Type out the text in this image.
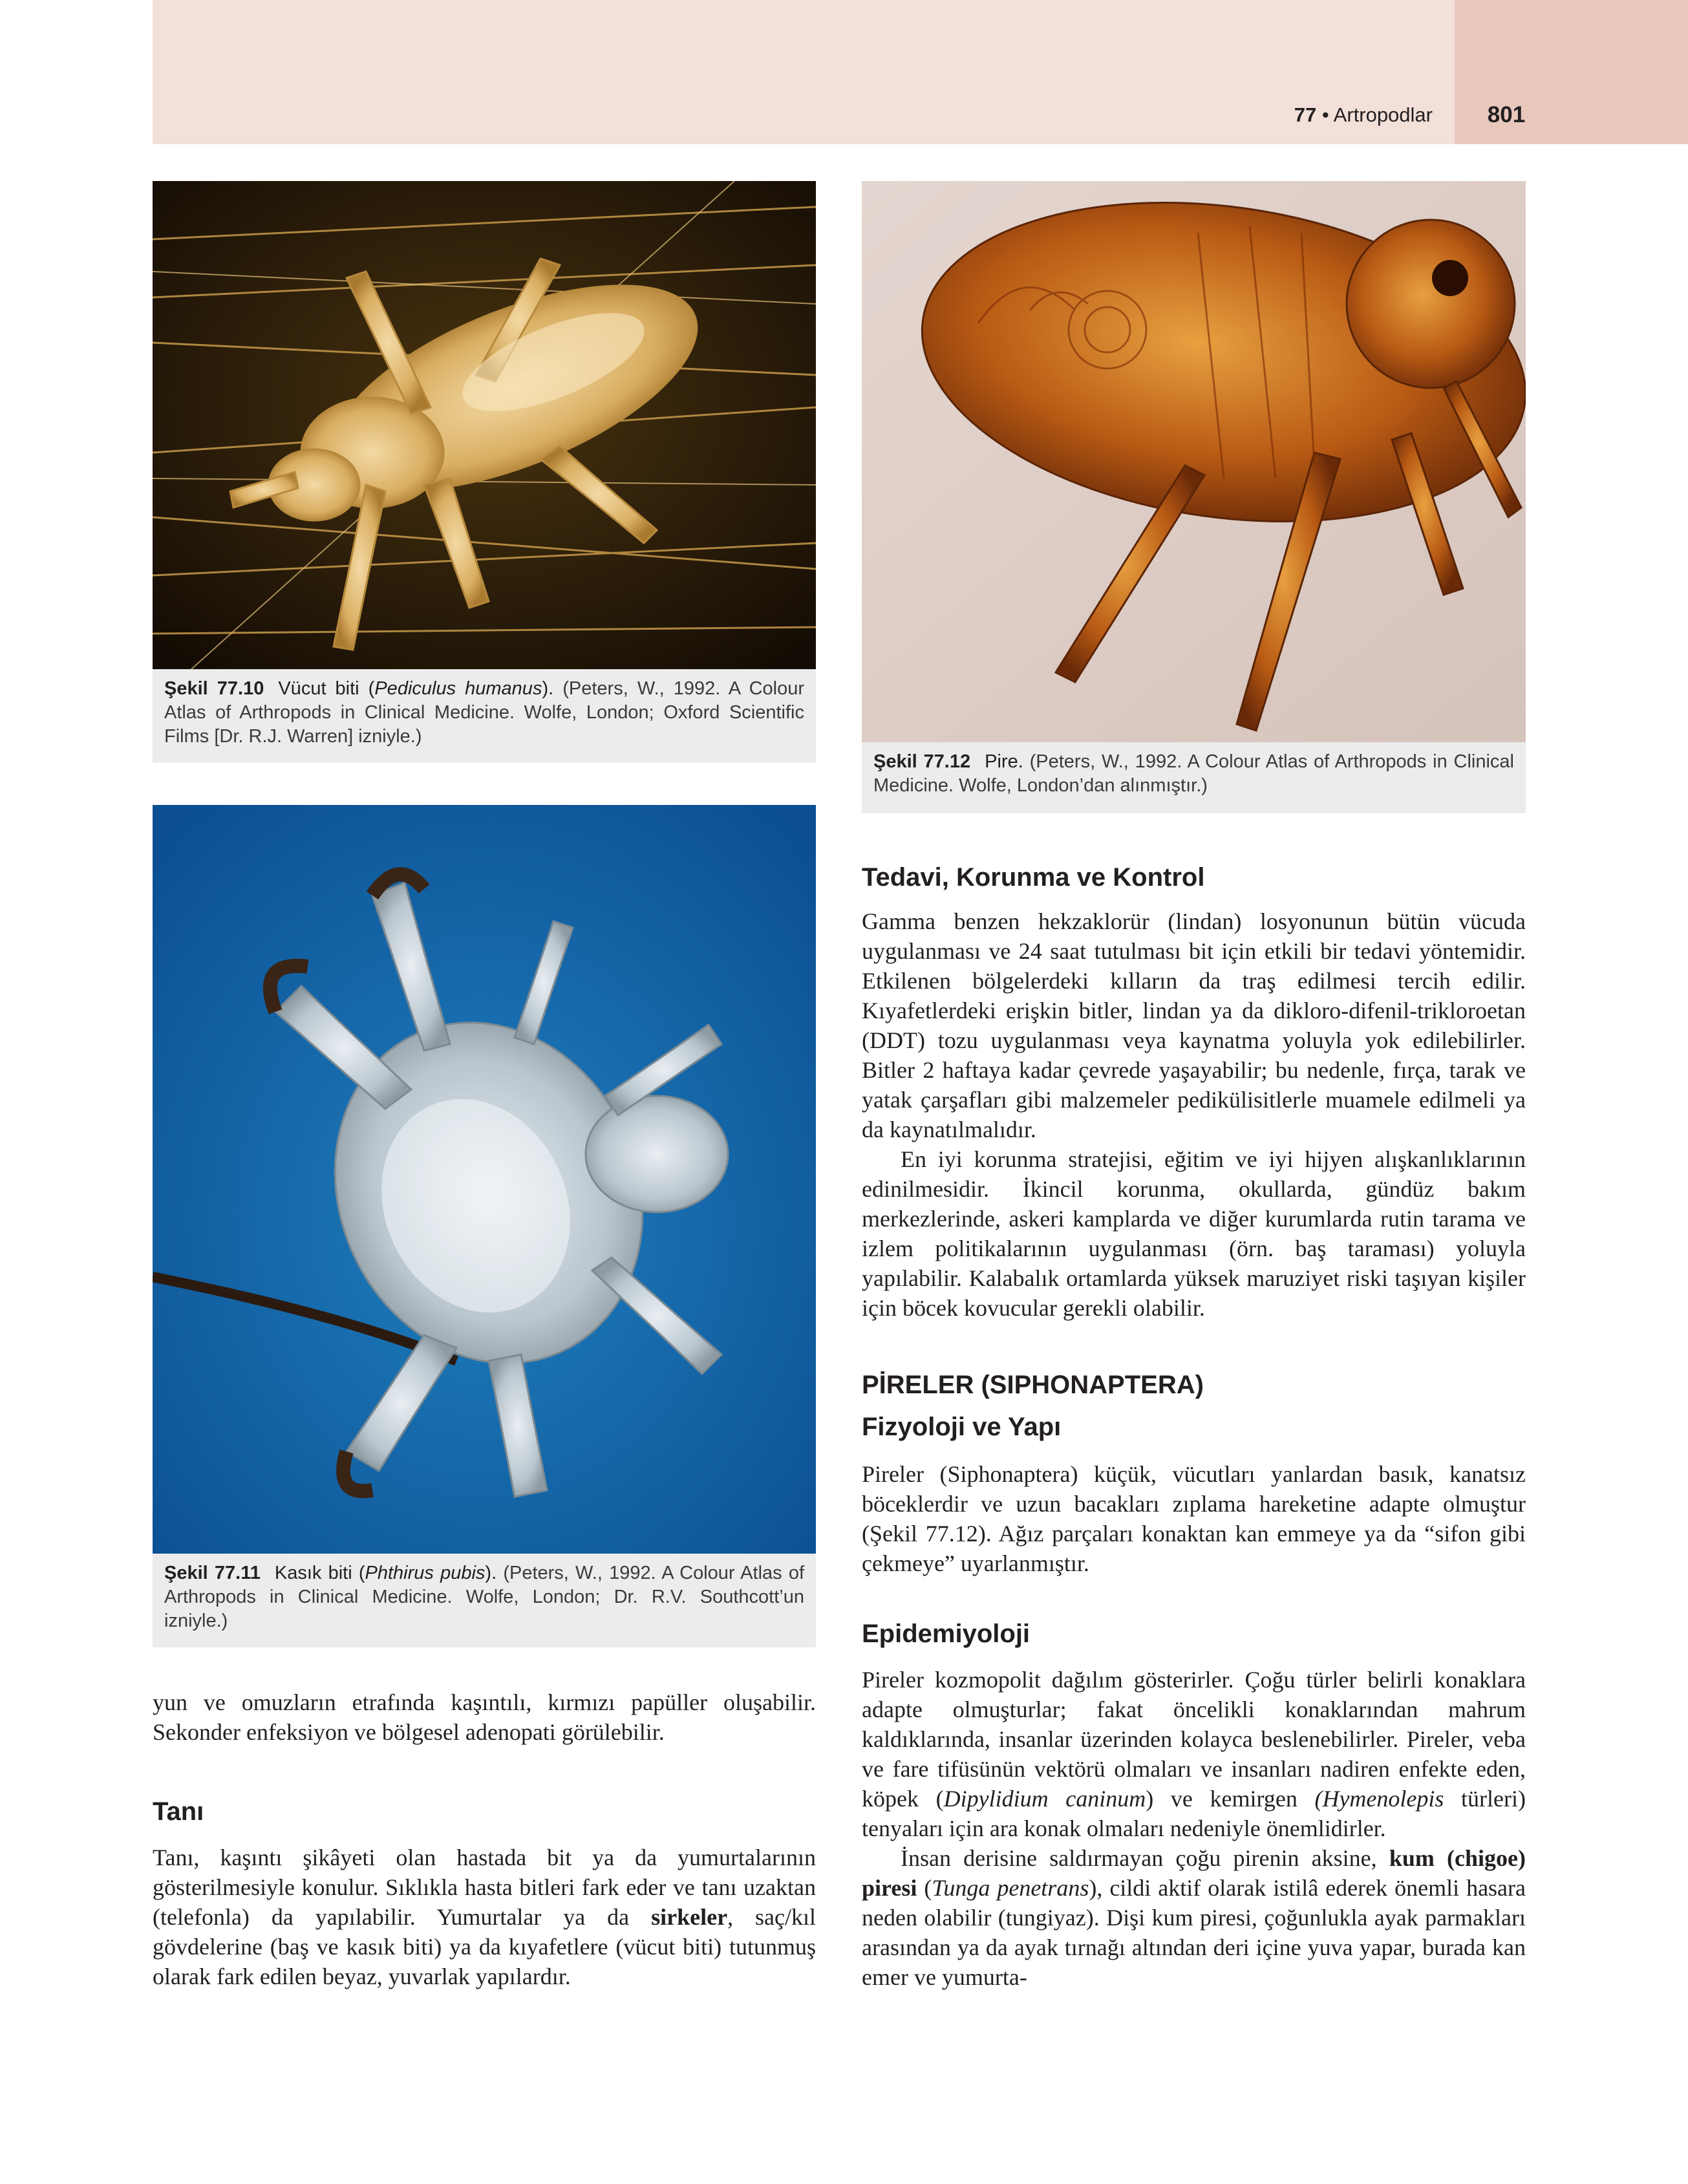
77 • Artropodlar	801
Şekil 77.10 Vücut biti (Pediculus humanus). (Peters, W., 1992. A Colour Atlas of Arthropods in Clinical Medicine. Wolfe, London; Oxford Scientific Films [Dr. R.J. Warren] izniyle.)
Şekil 77.11 Kasık biti (Phthirus pubis). (Peters, W., 1992. A Colour Atlas of Arthropods in Clinical Medicine. Wolfe, London; Dr. R.V. Southcott’un izniyle.)
Şekil 77.12 Pire. (Peters, W., 1992. A Colour Atlas of Arthropods in Clinical Medicine. Wolfe, London’dan alınmıştır.)

yun ve omuzların etrafında kaşıntılı, kırmızı papüller oluşabilir. Sekonder enfeksiyon ve bölgesel adenopati görülebilir.

Tanı

Tanı, kaşıntı şikâyeti olan hastada bit ya da yumurtalarının gösterilmesiyle konulur. Sıklıkla hasta bitleri fark eder ve tanı uzaktan (telefonla) da yapılabilir. Yumurtalar ya da sirkeler, saç/kıl gövdelerine (baş ve kasık biti) ya da kıyafetlere (vücut biti) tutunmuş olarak fark edilen beyaz, yuvarlak yapılardır.

Tedavi, Korunma ve Kontrol

Gamma benzen hekzaklorür (lindan) losyonunun bütün vücuda uygulanması ve 24 saat tutulması bit için etkili bir tedavi yöntemidir. Etkilenen bölgelerdeki kılların da traş edilmesi tercih edilir. Kıyafetlerdeki erişkin bitler, lindan ya da dikloro-difenil-trikloroetan (DDT) tozu uygulanması veya kaynatma yoluyla yok edilebilirler. Bitler 2 haftaya kadar çevrede yaşayabilir; bu nedenle, fırça, tarak ve yatak çarşafları gibi malzemeler pedikülisitlerle muamele edilmeli ya da kaynatılmalıdır.

En iyi korunma stratejisi, eğitim ve iyi hijyen alışkanlıklarının edinilmesidir. İkincil korunma, okullarda, gündüz bakım merkezlerinde, askeri kamplarda ve diğer kurumlarda rutin tarama ve izlem politikalarının uygulanması (örn. baş taraması) yoluyla yapılabilir. Kalabalık ortamlarda yüksek maruziyet riski taşıyan kişiler için böcek kovucular gerekli olabilir.

PİRELER (SIPHONAPTERA)
Fizyoloji ve Yapı

Pireler (Siphonaptera) küçük, vücutları yanlardan basık, kanatsız böceklerdir ve uzun bacakları zıplama hareketine adapte olmuştur (Şekil 77.12). Ağız parçaları konaktan kan emmeye ya da “sifon gibi çekmeye” uyarlanmıştır.

Epidemiyoloji

Pireler kozmopolit dağılım gösterirler. Çoğu türler belirli konaklara adapte olmuşturlar; fakat öncelikli konaklarından mahrum kaldıklarında, insanlar üzerinden kolayca beslenebilirler. Pireler, veba ve fare tifüsünün vektörü olmaları ve insanları nadiren enfekte eden, köpek (Dipylidium caninum) ve kemirgen (Hymenolepis türleri) tenyaları için ara konak olmaları nedeniyle önemlidirler.

İnsan derisine saldırmayan çoğu pirenin aksine, kum (chigoe) piresi (Tunga penetrans), cildi aktif olarak istilâ ederek önemli hasara neden olabilir (tungiyaz). Dişi kum piresi, çoğunlukla ayak parmakları arasından ya da ayak tırnağı altından deri içine yuva yapar, burada kan emer ve yumurta-
